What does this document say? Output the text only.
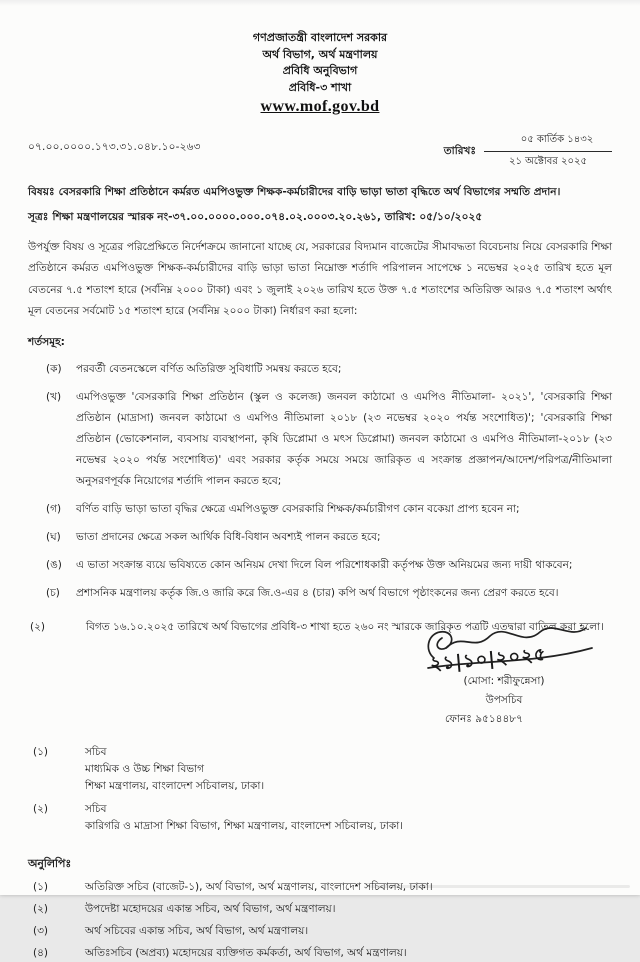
গণপ্রজাতন্ত্রী বাংলাদেশ সরকার
অর্থ বিভাগ, অর্থ মন্ত্রণালয়
প্রবিধি অনুবিভাগ
প্রবিধি-৩ শাখা
www.mof.gov.bd
০৭.০০.০০০০.১৭৩.৩১.০৪৮.১০-২৬৩	তারিখঃ
০৫ কার্তিক ১৪৩২
২১ অক্টোবর ২০২৫
বিষয়ঃ বেসরকারি শিক্ষা প্রতিষ্ঠানে কর্মরত এমপিওভুক্ত শিক্ষক-কর্মচারীদের বাড়ি ভাড়া ভাতা বৃদ্ধিতে অর্থ বিভাগের সম্মতি প্রদান।
সূত্রঃ শিক্ষা মন্ত্রণালয়ের স্মারক নং-৩৭.০০.০০০০.০০০.০৭৪.০২.০০০৩.২০.২৬১, তারিখ: ০৫/১০/২০২৫
উপর্যুক্ত বিষয় ও সূত্রের পরিপ্রেক্ষিতে নির্দেশক্রমে জানানো যাচ্ছে যে, সরকারের বিদ্যমান বাজেটের সীমাবদ্ধতা বিবেচনায় নিয়ে বেসরকারি শিক্ষা প্রতিষ্ঠানে কর্মরত এমপিওভুক্ত শিক্ষক-কর্মচারীদের বাড়ি ভাড়া ভাতা নিম্নোক্ত শর্তাদি পরিপালন সাপেক্ষে ১ নভেম্বর ২০২৫ তারিখ হতে মূল বেতনের ৭.৫ শতাংশ হারে (সর্বনিম্ন ২০০০ টাকা) এবং ১ জুলাই ২০২৬ তারিখ হতে উক্ত ৭.৫ শতাংশের অতিরিক্ত আরও ৭.৫ শতাংশ অর্থাৎ মূল বেতনের সর্বমোট ১৫ শতাংশ হারে (সর্বনিম্ন ২০০০ টাকা) নির্ধারণ করা হলো:
শর্তসমূহ:
(ক) পরবর্তী বেতনস্কেলে বর্ণিত অতিরিক্ত সুবিধাটি সমন্বয় করতে হবে;
(খ) এমপিওভুক্ত 'বেসরকারি শিক্ষা প্রতিষ্ঠান (স্কুল ও কলেজ) জনবল কাঠামো ও এমপিও নীতিমালা- ২০২১', 'বেসরকারি শিক্ষা প্রতিষ্ঠান (মাদ্রাসা) জনবল কাঠামো ও এমপিও নীতিমালা ২০১৮ (২৩ নভেম্বর ২০২০ পর্যন্ত সংশোধিত)'; 'বেসরকারি শিক্ষা প্রতিষ্ঠান (ভোকেশনাল, ব্যবসায় ব্যবস্থাপনা, কৃষি ডিপ্লোমা ও মৎস ডিপ্লোমা) জনবল কাঠামো ও এমপিও নীতিমালা-২০১৮ (২৩ নভেম্বর ২০২০ পর্যন্ত সংশোধিত)' এবং সরকার কর্তৃক সময়ে সময়ে জারিকৃত এ সংক্রান্ত প্রজ্ঞাপন/আদেশ/পরিপত্র/নীতিমালা অনুসরণপূর্বক নিয়োগের শর্তাদি পালন করতে হবে;
(গ) বর্ণিত বাড়ি ভাড়া ভাতা বৃদ্ধির ক্ষেত্রে এমপিওভুক্ত বেসরকারি শিক্ষক/কর্মচারীগণ কোন বকেয়া প্রাপ্য হবেন না;
(ঘ) ভাতা প্রদানের ক্ষেত্রে সকল আর্থিক বিধি-বিধান অবশ্যই পালন করতে হবে;
(ঙ) এ ভাতা সংক্রান্ত ব্যয়ে ভবিষ্যতে কোন অনিয়ম দেখা দিলে বিল পরিশোধকারী কর্তৃপক্ষ উক্ত অনিয়মের জন্য দায়ী থাকবেন;
(চ) প্রশাসনিক মন্ত্রণালয় কর্তৃক জি.ও জারি করে জি.ও-এর ৪ (চার) কপি অর্থ বিভাগে পৃষ্ঠাংকনের জন্য প্রেরণ করতে হবে।
(২)	বিগত ১৬.১০.২০২৫ তারিখে অর্থ বিভাগের প্রবিধি-৩ শাখা হতে ২৬০ নং স্মারকে জারিকৃত পত্রটি এতদ্বারা বাতিল করা হলো।
২১|১০|২০২৫
(মোসা: শরীফুন্নেসা)
উপসচিব
ফোনঃ ৯৫১৪৪৮৭
(১)	সচিব
মাধ্যমিক ও উচ্চ শিক্ষা বিভাগ
শিক্ষা মন্ত্রণালয়, বাংলাদেশ সচিবালয়, ঢাকা।
(২)	সচিব
কারিগরি ও মাদ্রাসা শিক্ষা বিভাগ, শিক্ষা মন্ত্রণালয়, বাংলাদেশ সচিবালয়, ঢাকা।
অনুলিপিঃ
(১)	অতিরিক্ত সচিব (বাজেট-১), অর্থ বিভাগ, অর্থ মন্ত্রণালয়, বাংলাদেশ সচিবালয়, ঢাকা।
(২)	উপদেষ্টা মহোদয়ের একান্ত সচিব, অর্থ বিভাগ, অর্থ মন্ত্রণালয়।
(৩)	অর্থ সচিবের একান্ত সচিব, অর্থ বিভাগ, অর্থ মন্ত্রণালয়।
(৪)	অতিঃসচিব (অপ্রব্য) মহোদয়ের ব্যক্তিগত কর্মকর্তা, অর্থ বিভাগ, অর্থ মন্ত্রণালয়।
